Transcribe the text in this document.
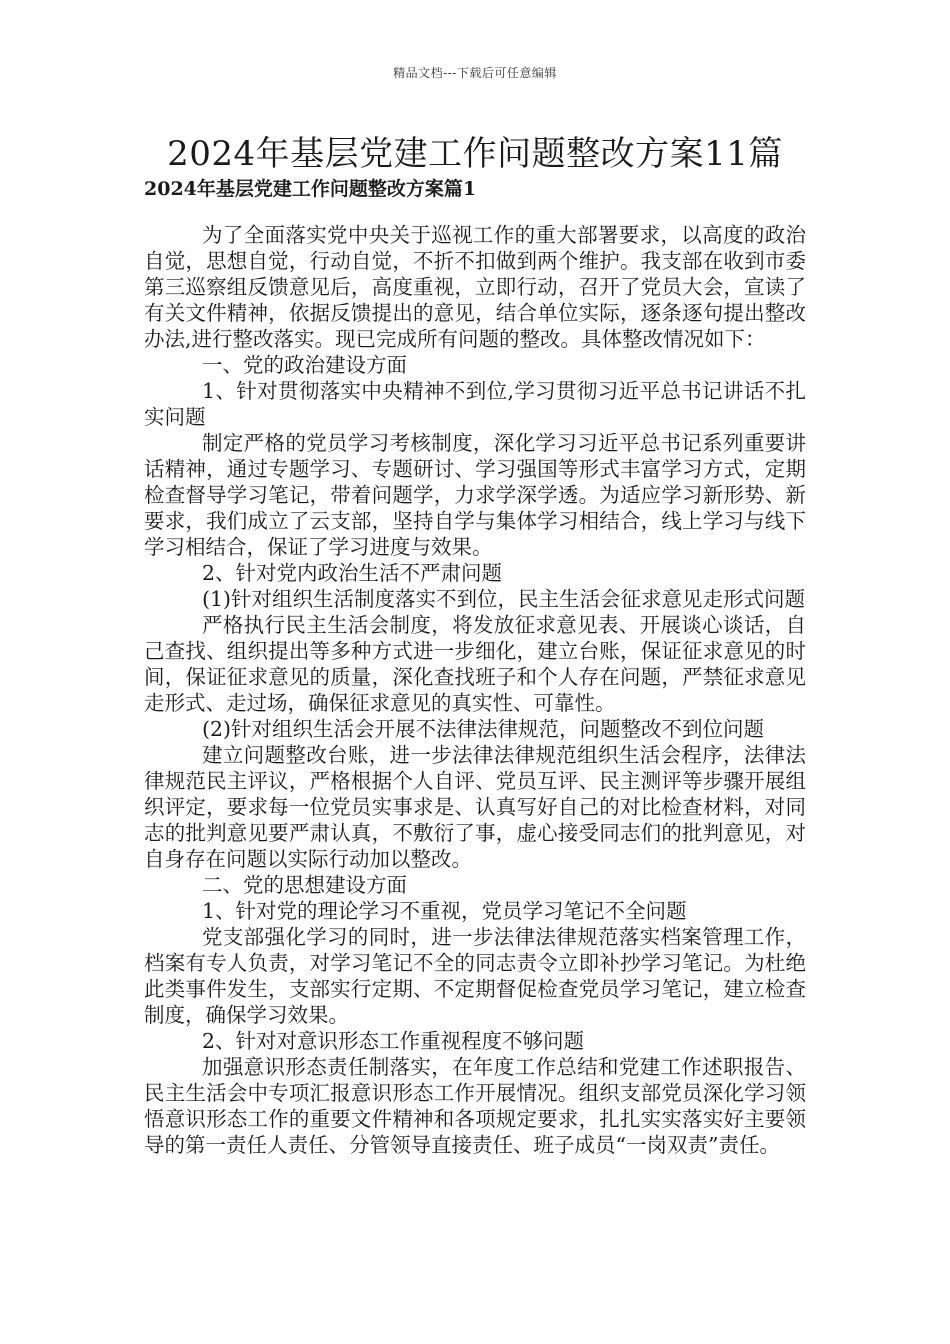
精品文档---下载后可任意编辑
2024年基层党建工作问题整改方案11篇
2024年基层党建工作问题整改方案篇1

为了全面落实党中央关于巡视工作的重大部署要求，以高度的政治自觉，思想自觉，行动自觉，不折不扣做到两个维护。我支部在收到市委第三巡察组反馈意见后，高度重视，立即行动，召开了党员大会，宣读了有关文件精神，依据反馈提出的意见，结合单位实际，逐条逐句提出整改办法,进行整改落实。现已完成所有问题的整改。具体整改情况如下：

一、党的政治建设方面

1、针对贯彻落实中央精神不到位,学习贯彻习近平总书记讲话不扎实问题

制定严格的党员学习考核制度，深化学习习近平总书记系列重要讲话精神，通过专题学习、专题研讨、学习强国等形式丰富学习方式，定期检查督导学习笔记，带着问题学，力求学深学透。为适应学习新形势、新要求，我们成立了云支部，坚持自学与集体学习相结合，线上学习与线下学习相结合，保证了学习进度与效果。

2、针对党内政治生活不严肃问题

(1)针对组织生活制度落实不到位，民主生活会征求意见走形式问题

严格执行民主生活会制度，将发放征求意见表、开展谈心谈话，自己查找、组织提出等多种方式进一步细化，建立台账，保证征求意见的时间，保证征求意见的质量，深化查找班子和个人存在问题，严禁征求意见走形式、走过场，确保征求意见的真实性、可靠性。

(2)针对组织生活会开展不法律法律规范，问题整改不到位问题

建立问题整改台账，进一步法律法律规范组织生活会程序，法律法律规范民主评议，严格根据个人自评、党员互评、民主测评等步骤开展组织评定，要求每一位党员实事求是、认真写好自己的对比检查材料，对同志的批判意见要严肃认真，不敷衍了事，虚心接受同志们的批判意见，对自身存在问题以实际行动加以整改。

二、党的思想建设方面

1、针对党的理论学习不重视，党员学习笔记不全问题

党支部强化学习的同时，进一步法律法律规范落实档案管理工作，档案有专人负责，对学习笔记不全的同志责令立即补抄学习笔记。为杜绝此类事件发生，支部实行定期、不定期督促检查党员学习笔记，建立检查制度，确保学习效果。

2、针对对意识形态工作重视程度不够问题

加强意识形态责任制落实，在年度工作总结和党建工作述职报告、民主生活会中专项汇报意识形态工作开展情况。组织支部党员深化学习领悟意识形态工作的重要文件精神和各项规定要求，扎扎实实落实好主要领导的第一责任人责任、分管领导直接责任、班子成员“一岗双责”责任。
